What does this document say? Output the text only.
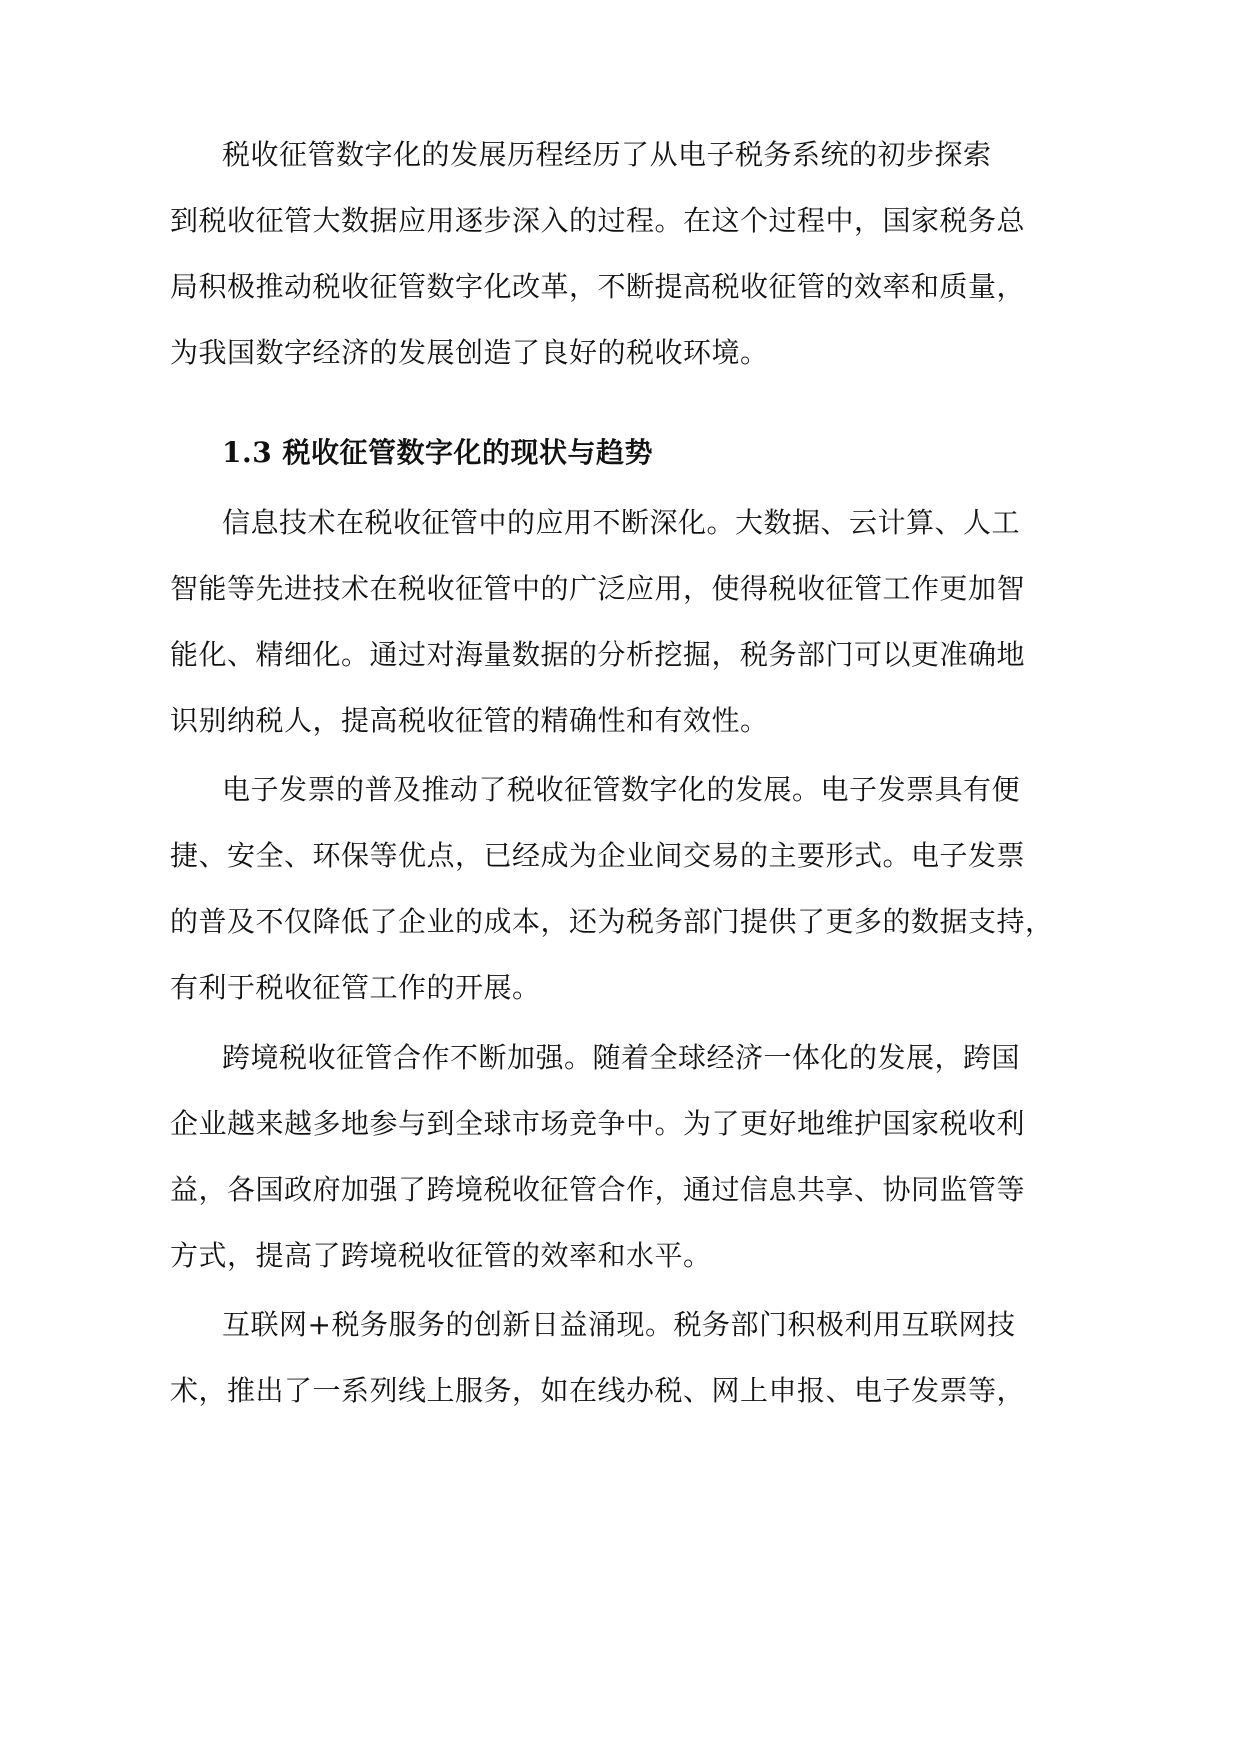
税收征管数字化的发展历程经历了从电子税务系统的初步探索
到税收征管大数据应用逐步深入的过程。在这个过程中，国家税务总
局积极推动税收征管数字化改革，不断提高税收征管的效率和质量，
为我国数字经济的发展创造了良好的税收环境。
1.3 税收征管数字化的现状与趋势
信息技术在税收征管中的应用不断深化。大数据、云计算、人工
智能等先进技术在税收征管中的广泛应用，使得税收征管工作更加智
能化、精细化。通过对海量数据的分析挖掘，税务部门可以更准确地
识别纳税人，提高税收征管的精确性和有效性。
电子发票的普及推动了税收征管数字化的发展。电子发票具有便
捷、安全、环保等优点，已经成为企业间交易的主要形式。电子发票
的普及不仅降低了企业的成本，还为税务部门提供了更多的数据支持，
有利于税收征管工作的开展。
跨境税收征管合作不断加强。随着全球经济一体化的发展，跨国
企业越来越多地参与到全球市场竞争中。为了更好地维护国家税收利
益，各国政府加强了跨境税收征管合作，通过信息共享、协同监管等
方式，提高了跨境税收征管的效率和水平。
互联网+税务服务的创新日益涌现。税务部门积极利用互联网技
术，推出了一系列线上服务，如在线办税、网上申报、电子发票等，
